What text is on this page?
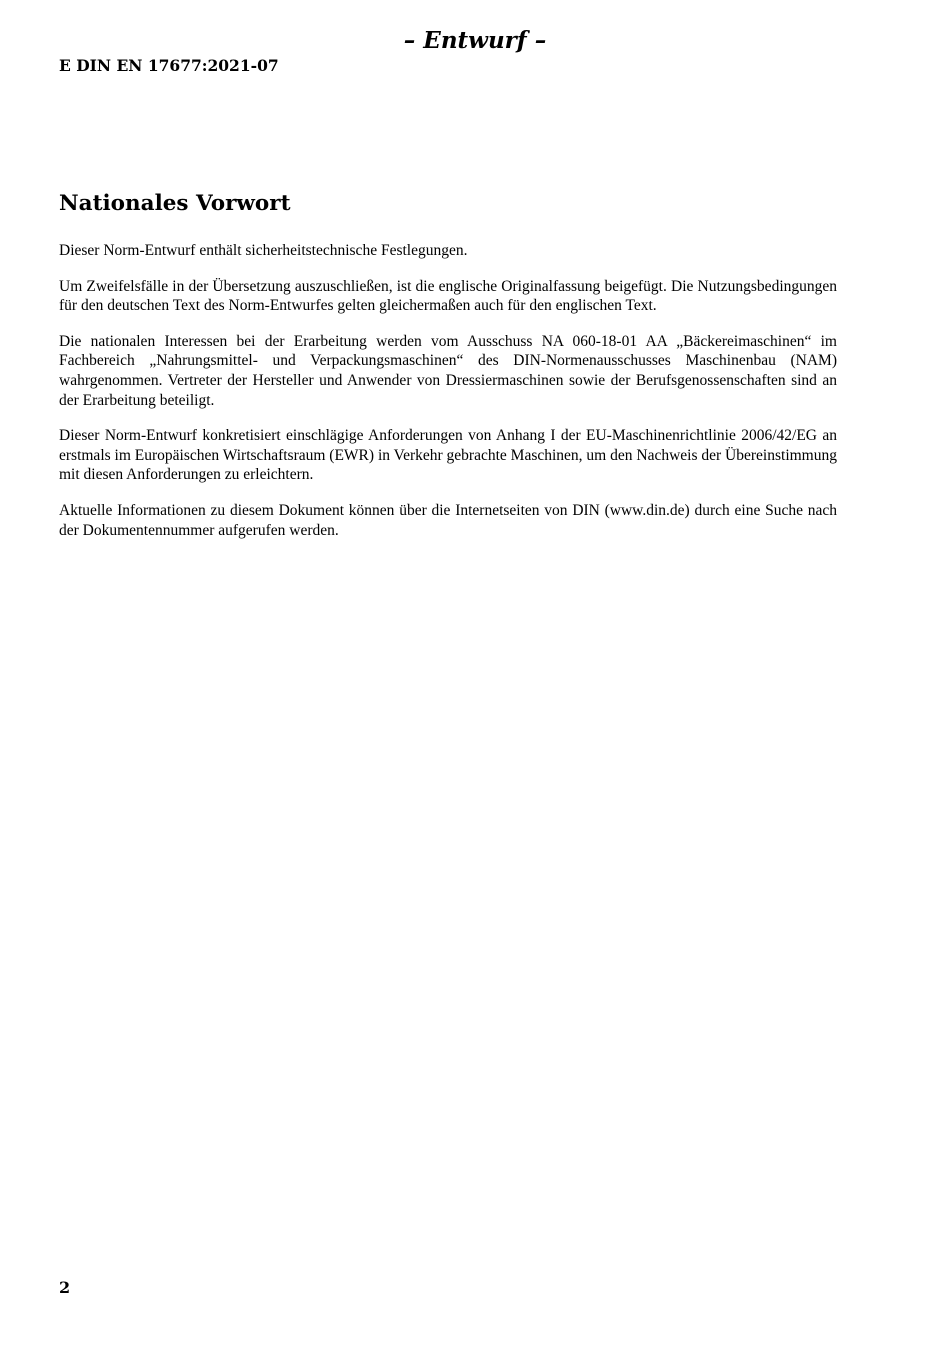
– Entwurf –

E DIN EN 17677:2021-07

Nationales Vorwort

Dieser Norm-Entwurf enthält sicherheitstechnische Festlegungen.

Um Zweifelsfälle in der Übersetzung auszuschließen, ist die englische Originalfassung beigefügt. Die Nutzungsbedingungen für den deutschen Text des Norm-Entwurfes gelten gleichermaßen auch für den englischen Text.

Die nationalen Interessen bei der Erarbeitung werden vom Ausschuss NA 060-18-01 AA „Bäckereimaschinen“ im Fachbereich „Nahrungsmittel- und Verpackungsmaschinen“ des DIN-Normenausschusses Maschinenbau (NAM) wahrgenommen. Vertreter der Hersteller und Anwender von Dressiermaschinen sowie der Berufsgenossenschaften sind an der Erarbeitung beteiligt.

Dieser Norm-Entwurf konkretisiert einschlägige Anforderungen von Anhang I der EU-Maschinenrichtlinie 2006/42/EG an erstmals im Europäischen Wirtschaftsraum (EWR) in Verkehr gebrachte Maschinen, um den Nachweis der Übereinstimmung mit diesen Anforderungen zu erleichtern.

Aktuelle Informationen zu diesem Dokument können über die Internetseiten von DIN (www.din.de) durch eine Suche nach der Dokumentennummer aufgerufen werden.

2
